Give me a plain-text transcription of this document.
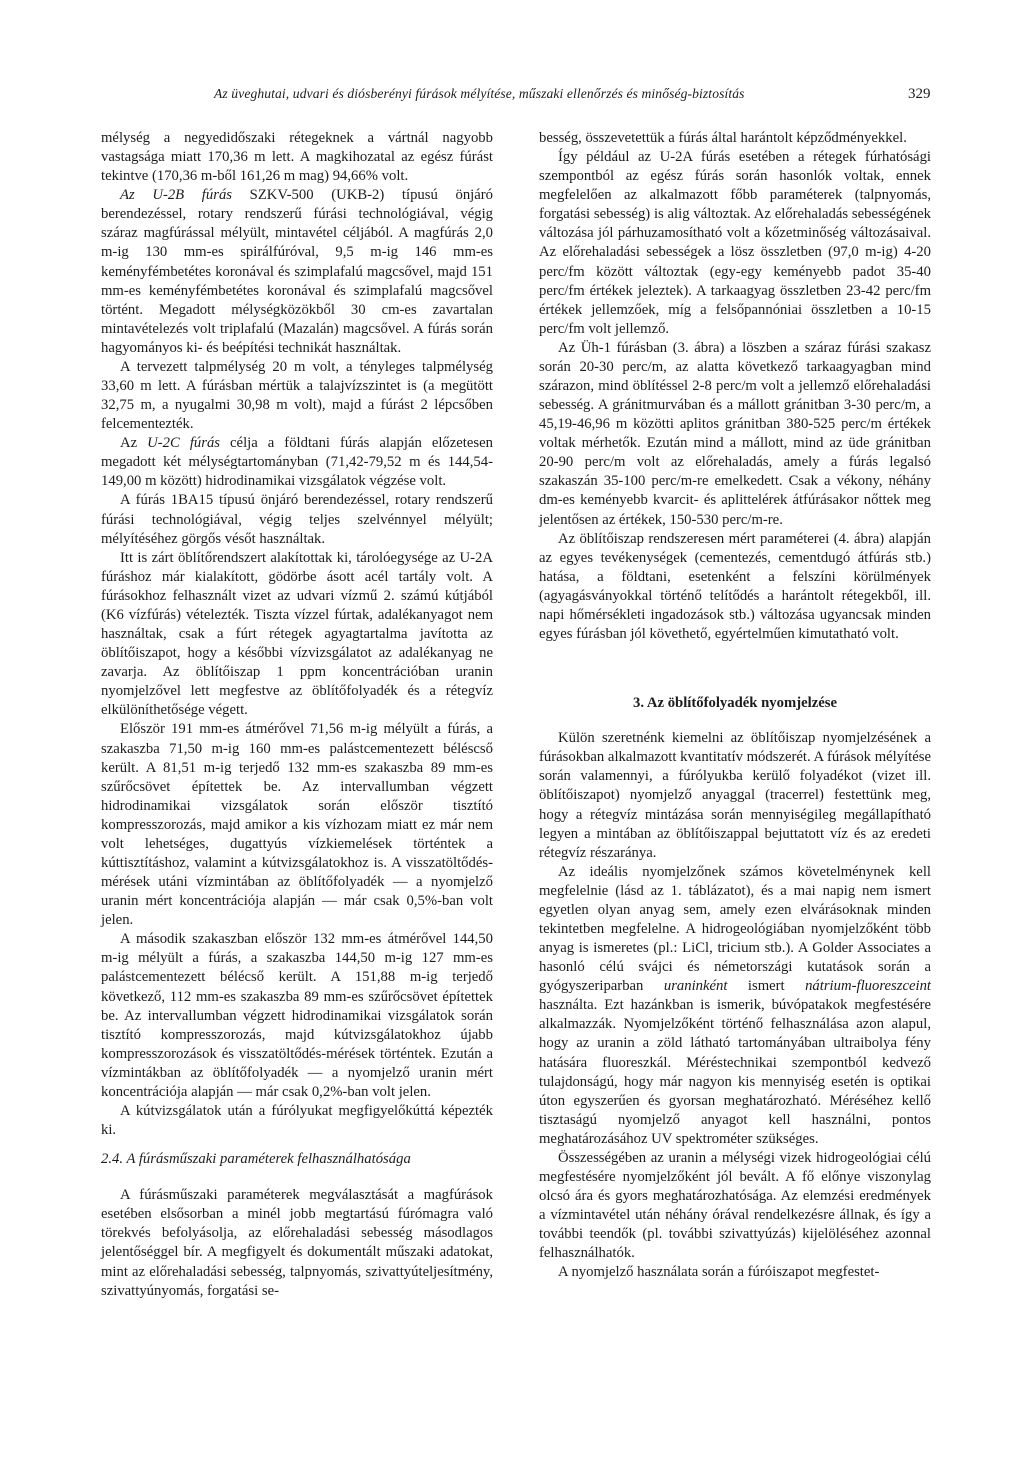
Az üveghutai, udvari és diósberényi fúrások mélyítése, műszaki ellenőrzés és minőség-biztosítás	329

mélység a negyedidőszaki rétegeknek a vártnál nagyobb vastagsága miatt 170,36 m lett. A magkihozatal az egész fúrást tekintve (170,36 m-ből 161,26 m mag) 94,66% volt.

Az U-2B fúrás SZKV-500 (UKB-2) típusú önjáró berendezéssel, rotary rendszerű fúrási technológiával, végig száraz magfúrással mélyült, mintavétel céljából. A magfúrás 2,0 m-ig 130 mm-es spirálfúróval, 9,5 m-ig 146 mm-es keményfémbetétes koronával és szimplafalú magcsővel, majd 151 mm-es keményfémbetétes koronával és szimplafalú magcsővel történt. Megadott mélységközökből 30 cm-es zavartalan mintavételezés volt triplafalú (Mazalán) magcsővel. A fúrás során hagyományos ki- és beépítési technikát használtak.

A tervezett talpmélység 20 m volt, a tényleges talpmélység 33,60 m lett. A fúrásban mértük a talajvízszintet is (a megütött 32,75 m, a nyugalmi 30,98 m volt), majd a fúrást 2 lépcsőben felcementezték.

Az U-2C fúrás célja a földtani fúrás alapján előzetesen megadott két mélységtartományban (71,42-79,52 m és 144,54-149,00 m között) hidrodinamikai vizsgálatok végzése volt.

A fúrás 1BA15 típusú önjáró berendezéssel, rotary rendszerű fúrási technológiával, végig teljes szelvénnyel mélyült; mélyítéséhez görgős vésőt használtak.

Itt is zárt öblítőrendszert alakítottak ki, tárolóegysége az U-2A fúráshoz már kialakított, gödörbe ásott acél tartály volt. A fúrásokhoz felhasznált vizet az udvari vízmű 2. számú kútjából (K6 vízfúrás) vételezték. Tiszta vízzel fúrtak, adalékanyagot nem használtak, csak a fúrt rétegek agyagtartalma javította az öblítőiszapot, hogy a későbbi vízvizsgálatot az adalékanyag ne zavarja. Az öblítőiszap 1 ppm koncentrációban uranin nyomjelzővel lett megfestve az öblítőfolyadék és a rétegvíz elkülöníthetősége végett.

Először 191 mm-es átmérővel 71,56 m-ig mélyült a fúrás, a szakaszba 71,50 m-ig 160 mm-es palástcementezett béléscső került. A 81,51 m-ig terjedő 132 mm-es szakaszba 89 mm-es szűrőcsövet építettek be. Az intervallumban végzett hidrodinamikai vizsgálatok során először tisztító kompresszorozás, majd amikor a kis vízhozam miatt ez már nem volt lehetséges, dugattyús vízkiemelések történtek a kúttisztításhoz, valamint a kútvizsgálatokhoz is. A visszatöltődés-mérések utáni vízmintában az öblítőfolyadék — a nyomjelző uranin mért koncentrációja alapján — már csak 0,5%-ban volt jelen.

A második szakaszban először 132 mm-es átmérővel 144,50 m-ig mélyült a fúrás, a szakaszba 144,50 m-ig 127 mm-es palástcementezett bélécső került. A 151,88 m-ig terjedő következő, 112 mm-es szakaszba 89 mm-es szűrőcsövet építettek be. Az intervallumban végzett hidrodinamikai vizsgálatok során tisztító kompresszorozás, majd kútvizsgálatokhoz újabb kompresszorozások és visszatöltődés-mérések történtek. Ezután a vízmintákban az öblítőfolyadék — a nyomjelző uranin mért koncentrációja alapján — már csak 0,2%-ban volt jelen.

A kútvizsgálatok után a fúrólyukat megfigyelőkúttá képezték ki.

2.4. A fúrásműszaki paraméterek felhasználhatósága

A fúrásműszaki paraméterek megválasztását a magfúrások esetében elsősorban a minél jobb megtartású fúrómagra való törekvés befolyásolja, az előrehaladási sebesség másodlagos jelentőséggel bír. A megfigyelt és dokumentált műszaki adatokat, mint az előrehaladási sebesség, talpnyomás, szivattyúteljesítmény, szivattyúnyomás, forgatási se-

besség, összevetettük a fúrás által harántolt képződményekkel.

Így például az U-2A fúrás esetében a rétegek fúrhatósági szempontból az egész fúrás során hasonlók voltak, ennek megfelelően az alkalmazott főbb paraméterek (talpnyomás, forgatási sebesség) is alig változtak. Az előrehaladás sebességének változása jól párhuzamosítható volt a kőzetminőség változásaival. Az előrehaladási sebességek a lösz összletben (97,0 m-ig) 4-20 perc/fm között változtak (egy-egy keményebb padot 35-40 perc/fm értékek jeleztek). A tarkaagyag összletben 23-42 perc/fm értékek jellemzőek, míg a felsőpannóniai összletben a 10-15 perc/fm volt jellemző.

Az Üh-1 fúrásban (3. ábra) a löszben a száraz fúrási szakasz során 20-30 perc/m, az alatta következő tarkaagyagban mind szárazon, mind öblítéssel 2-8 perc/m volt a jellemző előrehaladási sebesség. A gránitmurvában és a mállott gránitban 3-30 perc/m, a 45,19-46,96 m közötti aplitos gránitban 380-525 perc/m értékek voltak mérhetők. Ezután mind a mállott, mind az üde gránitban 20-90 perc/m volt az előrehaladás, amely a fúrás legalsó szakaszán 35-100 perc/m-re emelkedett. Csak a vékony, néhány dm-es keményebb kvarcit- és aplittelérek átfúrásakor nőttek meg jelentősen az értékek, 150-530 perc/m-re.

Az öblítőiszap rendszeresen mért paraméterei (4. ábra) alapján az egyes tevékenységek (cementezés, cementdugó átfúrás stb.) hatása, a földtani, esetenként a felszíni körülmények (agyagásványokkal történő telítődés a harántolt rétegekből, ill. napi hőmérsékleti ingadozások stb.) változása ugyancsak minden egyes fúrásban jól követhető, egyértelműen kimutatható volt.

3. Az öblítőfolyadék nyomjelzése

Külön szeretnénk kiemelni az öblítőiszap nyomjelzésének a fúrásokban alkalmazott kvantitatív módszerét. A fúrások mélyítése során valamennyi, a fúrólyukba kerülő folyadékot (vizet ill. öblítőiszapot) nyomjelző anyaggal (tracerrel) festettünk meg, hogy a rétegvíz mintázása során mennyiségileg megállapítható legyen a mintában az öblítőiszappal bejuttatott víz és az eredeti rétegvíz részaránya.

Az ideális nyomjelzőnek számos követelménynek kell megfelelnie (lásd az 1. táblázatot), és a mai napig nem ismert egyetlen olyan anyag sem, amely ezen elvárásoknak minden tekintetben megfelelne. A hidrogeológiában nyomjelzőként több anyag is ismeretes (pl.: LiCl, tricium stb.). A Golder Associates a hasonló célú svájci és németországi kutatások során a gyógyszeriparban uraninként ismert nátrium-fluoreszceint használta. Ezt hazánkban is ismerik, búvópatakok megfestésére alkalmazzák. Nyomjelzőként történő felhasználása azon alapul, hogy az uranin a zöld látható tartományában ultraibolya fény hatására fluoreszkál. Méréstechnikai szempontból kedvező tulajdonságú, hogy már nagyon kis mennyiség esetén is optikai úton egyszerűen és gyorsan meghatározható. Méréséhez kellő tisztaságú nyomjelző anyagot kell használni, pontos meghatározásához UV spektrométer szükséges.

Összességében az uranin a mélységi vizek hidrogeológiai célú megfestésére nyomjelzőként jól bevált. A fő előnye viszonylag olcsó ára és gyors meghatározhatósága. Az elemzési eredmények a vízmintavétel után néhány órával rendelkezésre állnak, és így a további teendők (pl. további szivattyúzás) kijelöléséhez azonnal felhasználhatók.

A nyomjelző használata során a fúróiszapot megfestet-
